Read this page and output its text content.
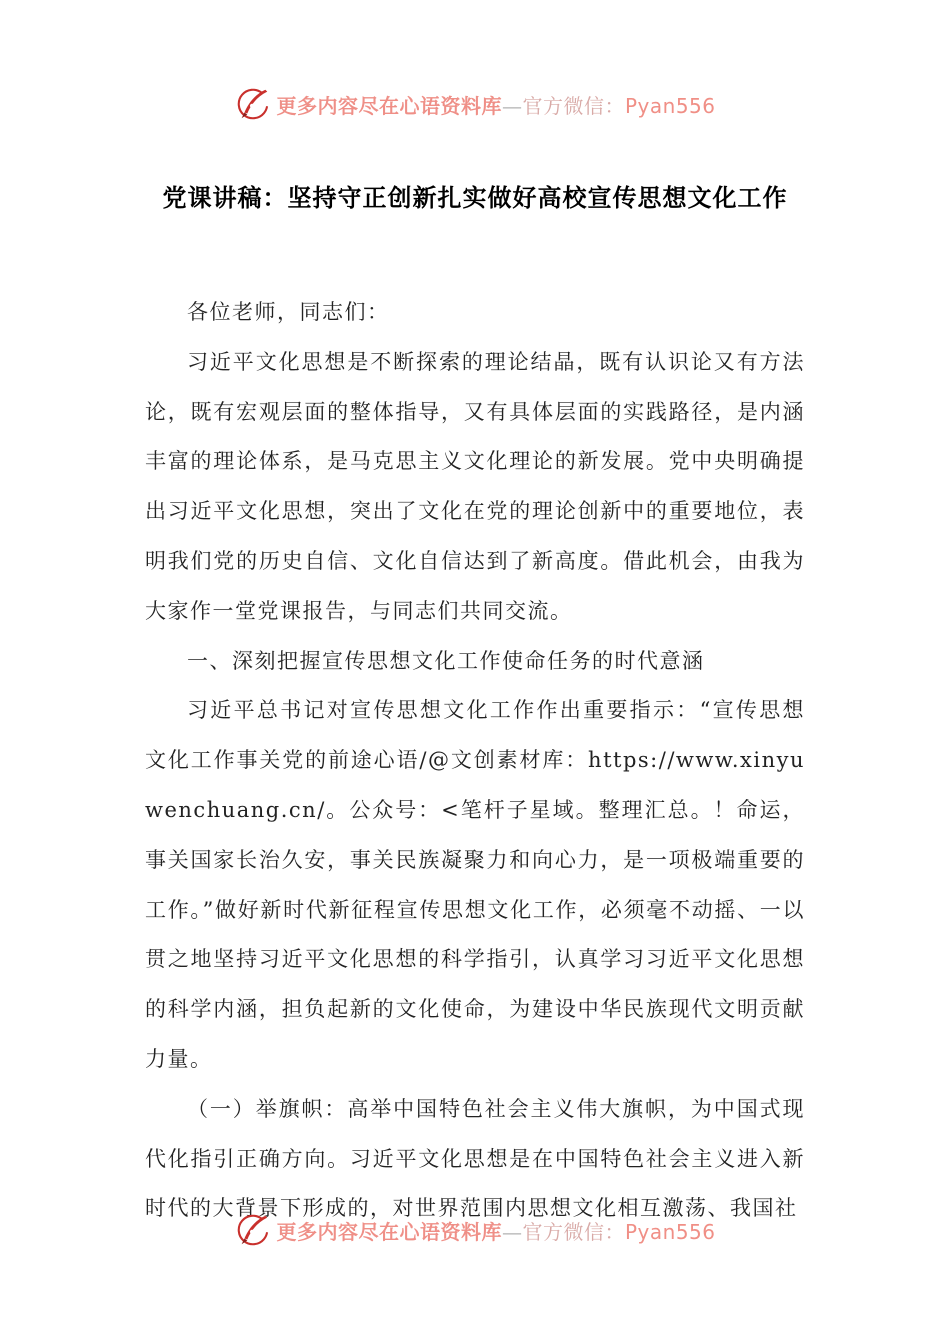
更多内容尽在心语资料库—官方微信：Pyan556
党课讲稿：坚持守正创新扎实做好高校宣传思想文化工作

各位老师，同志们：

习近平文化思想是不断探索的理论结晶，既有认识论又有方法论，既有宏观层面的整体指导，又有具体层面的实践路径，是内涵丰富的理论体系，是马克思主义文化理论的新发展。党中央明确提出习近平文化思想，突出了文化在党的理论创新中的重要地位，表明我们党的历史自信、文化自信达到了新高度。借此机会，由我为大家作一堂党课报告，与同志们共同交流。

一、深刻把握宣传思想文化工作使命任务的时代意涵

习近平总书记对宣传思想文化工作作出重要指示：“宣传思想文化工作事关党的前途心语/@文创素材库：https://www.xinyuwenchuang.cn/。公众号：<笔杆子星域。整理汇总。！命运，事关国家长治久安，事关民族凝聚力和向心力，是一项极端重要的工作。”做好新时代新征程宣传思想文化工作，必须毫不动摇、一以贯之地坚持习近平文化思想的科学指引，认真学习习近平文化思想的科学内涵，担负起新的文化使命，为建设中华民族现代文明贡献力量。

（一）举旗帜：高举中国特色社会主义伟大旗帜，为中国式现代化指引正确方向。习近平文化思想是在中国特色社会主义进入新时代的大背景下形成的，对世界范围内思想文化相互激荡、我国社

更多内容尽在心语资料库—官方微信：Pyan556
